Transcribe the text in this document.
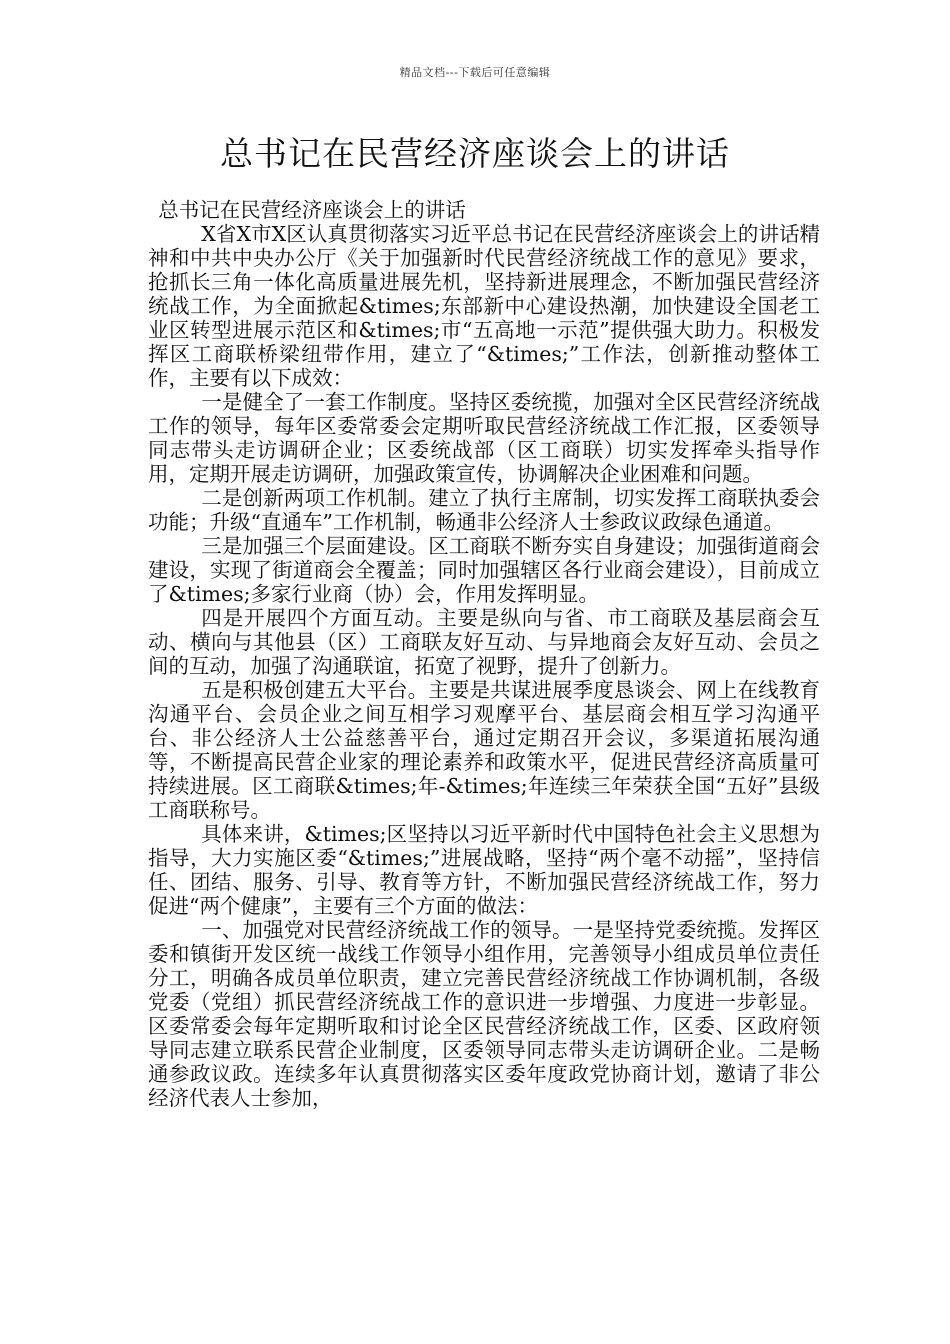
精品文档---下载后可任意编辑
总书记在民营经济座谈会上的讲话

总书记在民营经济座谈会上的讲话

X省X市X区认真贯彻落实习近平总书记在民营经济座谈会上的讲话精神和中共中央办公厅《关于加强新时代民营经济统战工作的意见》要求，抢抓长三角一体化高质量进展先机，坚持新进展理念，不断加强民营经济统战工作，为全面掀起&times;东部新中心建设热潮，加快建设全国老工业区转型进展示范区和&times;市“五高地一示范”提供强大助力。积极发挥区工商联桥梁纽带作用，建立了“&times;”工作法，创新推动整体工作，主要有以下成效：

一是健全了一套工作制度。坚持区委统揽，加强对全区民营经济统战工作的领导，每年区委常委会定期听取民营经济统战工作汇报，区委领导同志带头走访调研企业；区委统战部（区工商联）切实发挥牵头指导作用，定期开展走访调研，加强政策宣传，协调解决企业困难和问题。

二是创新两项工作机制。建立了执行主席制，切实发挥工商联执委会功能；升级“直通车”工作机制，畅通非公经济人士参政议政绿色通道。

三是加强三个层面建设。区工商联不断夯实自身建设；加强街道商会建设，实现了街道商会全覆盖；同时加强辖区各行业商会建设），目前成立了&times;多家行业商（协）会，作用发挥明显。

四是开展四个方面互动。主要是纵向与省、市工商联及基层商会互动、横向与其他县（区）工商联友好互动、与异地商会友好互动、会员之间的互动，加强了沟通联谊，拓宽了视野，提升了创新力。

五是积极创建五大平台。主要是共谋进展季度恳谈会、网上在线教育沟通平台、会员企业之间互相学习观摩平台、基层商会相互学习沟通平台、非公经济人士公益慈善平台，通过定期召开会议，多渠道拓展沟通等，不断提高民营企业家的理论素养和政策水平，促进民营经济高质量可持续进展。区工商联&times;年-&times;年连续三年荣获全国“五好”县级工商联称号。

具体来讲，&times;区坚持以习近平新时代中国特色社会主义思想为指导，大力实施区委“&times;”进展战略，坚持“两个毫不动摇”，坚持信任、团结、服务、引导、教育等方针，不断加强民营经济统战工作，努力促进“两个健康”，主要有三个方面的做法：

一、加强党对民营经济统战工作的领导。一是坚持党委统揽。发挥区委和镇街开发区统一战线工作领导小组作用，完善领导小组成员单位责任分工，明确各成员单位职责，建立完善民营经济统战工作协调机制，各级党委（党组）抓民营经济统战工作的意识进一步增强、力度进一步彰显。区委常委会每年定期听取和讨论全区民营经济统战工作，区委、区政府领导同志建立联系民营企业制度，区委领导同志带头走访调研企业。二是畅通参政议政。连续多年认真贯彻落实区委年度政党协商计划，邀请了非公经济代表人士参加，
